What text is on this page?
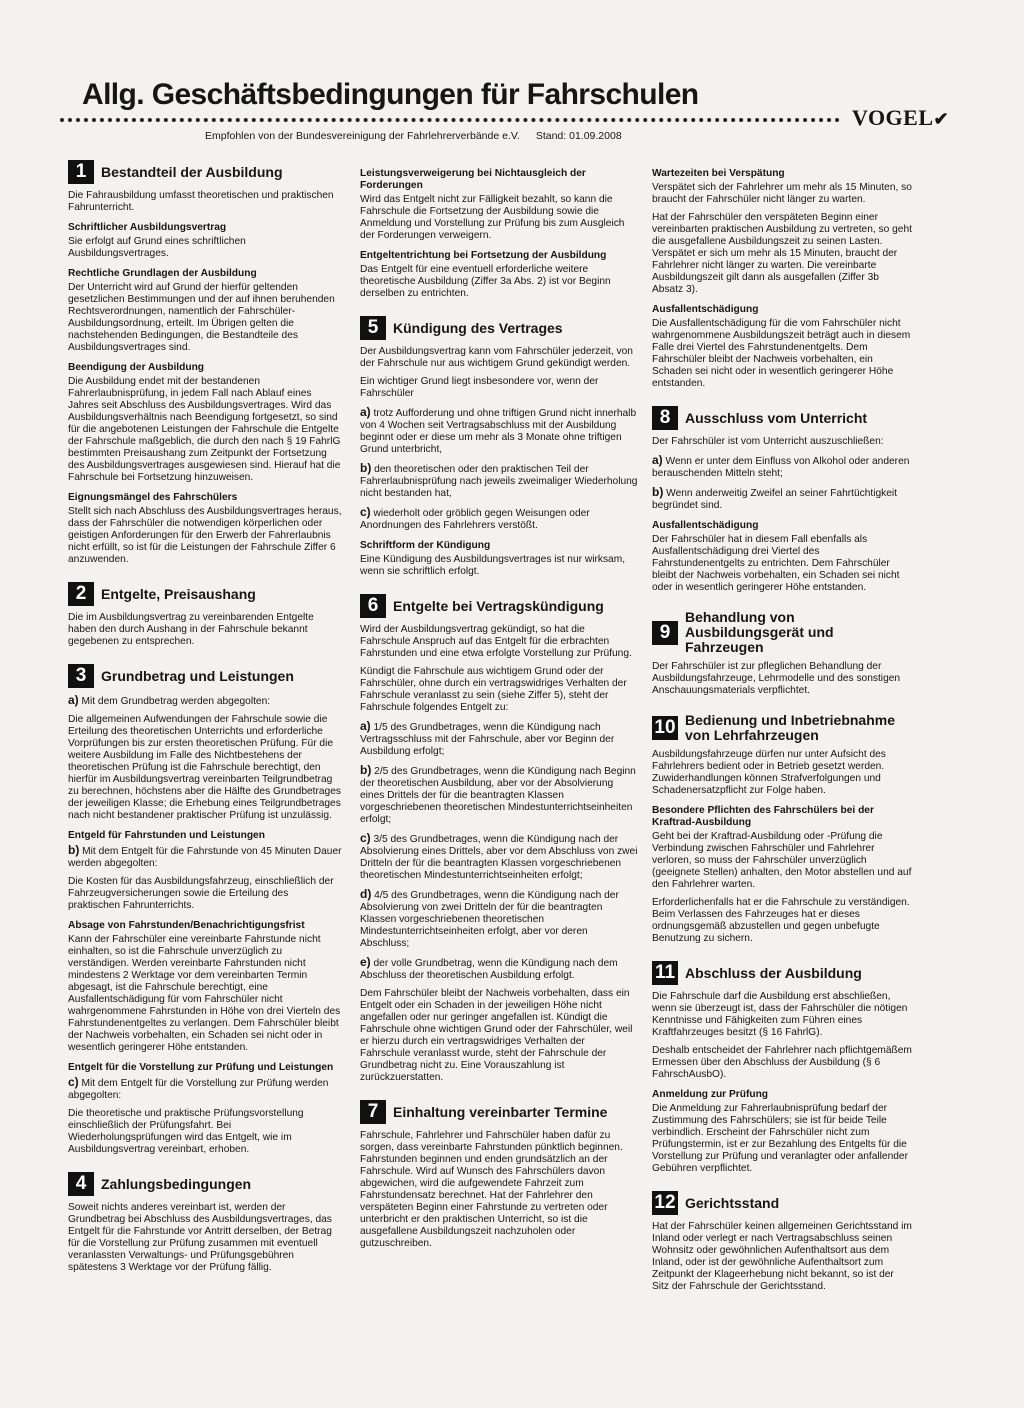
Allg. Geschäftsbedingungen für Fahrschulen
VOGEL✔
Empfohlen von der Bundesvereinigung der Fahrlehrerverbände e.V. Stand: 01.09.2008
1	Bestandteil der Ausbildung

Die Fahrausbildung umfasst theoretischen und praktischen Fahrunterricht.

Schriftlicher Ausbildungsvertrag

Sie erfolgt auf Grund eines schriftlichen Ausbildungsvertrages.

Rechtliche Grundlagen der Ausbildung

Der Unterricht wird auf Grund der hierfür geltenden gesetzlichen Bestimmungen und der auf ihnen beruhenden Rechtsverordnungen, namentlich der Fahrschüler-Ausbildungsordnung, erteilt. Im Übrigen gelten die nachstehenden Bedingungen, die Bestandteile des Ausbildungsvertrages sind.

Beendigung der Ausbildung

Die Ausbildung endet mit der bestandenen Fahrerlaubnisprüfung, in jedem Fall nach Ablauf eines Jahres seit Abschluss des Ausbildungsvertrages. Wird das Ausbildungsverhältnis nach Beendigung fortgesetzt, so sind für die angebotenen Leistungen der Fahrschule die Entgelte der Fahrschule maßgeblich, die durch den nach § 19 FahrlG bestimmten Preisaushang zum Zeitpunkt der Fortsetzung des Ausbildungsvertrages ausgewiesen sind. Hierauf hat die Fahrschule bei Fortsetzung hinzuweisen.

Eignungsmängel des Fahrschülers

Stellt sich nach Abschluss des Ausbildungsvertrages heraus, dass der Fahrschüler die notwendigen körperlichen oder geistigen Anforderungen für den Erwerb der Fahrerlaubnis nicht erfüllt, so ist für die Leistungen der Fahrschule Ziffer 6 anzuwenden.

2	Entgelte, Preisaushang

Die im Ausbildungsvertrag zu vereinbarenden Entgelte haben den durch Aushang in der Fahrschule bekannt gegebenen zu entsprechen.

3	Grundbetrag und Leistungen

a) Mit dem Grundbetrag werden abgegolten:

Die allgemeinen Aufwendungen der Fahrschule sowie die Erteilung des theoretischen Unterrichts und erforderliche Vorprüfungen bis zur ersten theoretischen Prüfung. Für die weitere Ausbildung im Falle des Nichtbestehens der theoretischen Prüfung ist die Fahrschule berechtigt, den hierfür im Ausbildungsvertrag vereinbarten Teilgrundbetrag zu berechnen, höchstens aber die Hälfte des Grundbetrages der jeweiligen Klasse; die Erhebung eines Teilgrundbetrages nach nicht bestandener praktischer Prüfung ist unzulässig.

Entgeld für Fahrstunden und Leistungen

b) Mit dem Entgelt für die Fahrstunde von 45 Minuten Dauer werden abgegolten:

Die Kosten für das Ausbildungsfahrzeug, einschließlich der Fahrzeugversicherungen sowie die Erteilung des praktischen Fahrunterrichts.

Absage von Fahrstunden/Benachrichtigungsfrist

Kann der Fahrschüler eine vereinbarte Fahrstunde nicht einhalten, so ist die Fahrschule unverzüglich zu verständigen. Werden vereinbarte Fahrstunden nicht mindestens 2 Werktage vor dem vereinbarten Termin abgesagt, ist die Fahrschule berechtigt, eine Ausfallentschädigung für vom Fahrschüler nicht wahrgenommene Fahrstunden in Höhe von drei Vierteln des Fahrstundenentgeltes zu verlangen. Dem Fahrschüler bleibt der Nachweis vorbehalten, ein Schaden sei nicht oder in wesentlich geringerer Höhe entstanden.

Entgelt für die Vorstellung zur Prüfung und Leistungen

c) Mit dem Entgelt für die Vorstellung zur Prüfung werden abgegolten:

Die theoretische und praktische Prüfungsvorstellung einschließlich der Prüfungsfahrt. Bei Wiederholungsprüfungen wird das Entgelt, wie im Ausbildungsvertrag vereinbart, erhoben.

4	Zahlungsbedingungen

Soweit nichts anderes vereinbart ist, werden der Grundbetrag bei Abschluss des Ausbildungsvertrages, das Entgelt für die Fahrstunde vor Antritt derselben, der Betrag für die Vorstellung zur Prüfung zusammen mit eventuell veranlassten Verwaltungs- und Prüfungsgebühren spätestens 3 Werktage vor der Prüfung fällig.

Leistungsverweigerung bei Nichtausgleich der Forderungen

Wird das Entgelt nicht zur Fälligkeit bezahlt, so kann die Fahrschule die Fortsetzung der Ausbildung sowie die Anmeldung und Vorstellung zur Prüfung bis zum Ausgleich der Forderungen verweigern.

Entgeltentrichtung bei Fortsetzung der Ausbildung

Das Entgelt für eine eventuell erforderliche weitere theoretische Ausbildung (Ziffer 3a Abs. 2) ist vor Beginn derselben zu entrichten.

5	Kündigung des Vertrages

Der Ausbildungsvertrag kann vom Fahrschüler jederzeit, von der Fahrschule nur aus wichtigem Grund gekündigt werden.

Ein wichtiger Grund liegt insbesondere vor, wenn der Fahrschüler

a) trotz Aufforderung und ohne triftigen Grund nicht innerhalb von 4 Wochen seit Vertragsabschluss mit der Ausbildung beginnt oder er diese um mehr als 3 Monate ohne triftigen Grund unterbricht,

b) den theoretischen oder den praktischen Teil der Fahrerlaubnisprüfung nach jeweils zweimaliger Wiederholung nicht bestanden hat,

c) wiederholt oder gröblich gegen Weisungen oder Anordnungen des Fahrlehrers verstößt.

Schriftform der Kündigung

Eine Kündigung des Ausbildungsvertrages ist nur wirksam, wenn sie schriftlich erfolgt.

6	Entgelte bei Vertragskündigung

Wird der Ausbildungsvertrag gekündigt, so hat die Fahrschule Anspruch auf das Entgelt für die erbrachten Fahrstunden und eine etwa erfolgte Vorstellung zur Prüfung.

Kündigt die Fahrschule aus wichtigem Grund oder der Fahrschüler, ohne durch ein vertragswidriges Verhalten der Fahrschule veranlasst zu sein (siehe Ziffer 5), steht der Fahrschule folgendes Entgelt zu:

a) 1/5 des Grundbetrages, wenn die Kündigung nach Vertragsschluss mit der Fahrschule, aber vor Beginn der Ausbildung erfolgt;

b) 2/5 des Grundbetrages, wenn die Kündigung nach Beginn der theoretischen Ausbildung, aber vor der Absolvierung eines Drittels der für die beantragten Klassen vorgeschriebenen theoretischen Mindestunterrichtseinheiten erfolgt;

c) 3/5 des Grundbetrages, wenn die Kündigung nach der Absolvierung eines Drittels, aber vor dem Abschluss von zwei Dritteln der für die beantragten Klassen vorgeschriebenen theoretischen Mindestunterrichtseinheiten erfolgt;

d) 4/5 des Grundbetrages, wenn die Kündigung nach der Absolvierung von zwei Dritteln der für die beantragten Klassen vorgeschriebenen theoretischen Mindestunterrichtseinheiten erfolgt, aber vor deren Abschluss;

e) der volle Grundbetrag, wenn die Kündigung nach dem Abschluss der theoretischen Ausbildung erfolgt.

Dem Fahrschüler bleibt der Nachweis vorbehalten, dass ein Entgelt oder ein Schaden in der jeweiligen Höhe nicht angefallen oder nur geringer angefallen ist. Kündigt die Fahrschule ohne wichtigen Grund oder der Fahrschüler, weil er hierzu durch ein vertragswidriges Verhalten der Fahrschule veranlasst wurde, steht der Fahrschule der Grundbetrag nicht zu. Eine Vorauszahlung ist zurückzuerstatten.

7	Einhaltung vereinbarter Termine

Fahrschule, Fahrlehrer und Fahrschüler haben dafür zu sorgen, dass vereinbarte Fahrstunden pünktlich beginnen. Fahrstunden beginnen und enden grundsätzlich an der Fahrschule. Wird auf Wunsch des Fahrschülers davon abgewichen, wird die aufgewendete Fahrzeit zum Fahrstundensatz berechnet. Hat der Fahrlehrer den verspäteten Beginn einer Fahrstunde zu vertreten oder unterbricht er den praktischen Unterricht, so ist die ausgefallene Ausbildungszeit nachzuholen oder gutzuschreiben.

Wartezeiten bei Verspätung

Verspätet sich der Fahrlehrer um mehr als 15 Minuten, so braucht der Fahrschüler nicht länger zu warten.

Hat der Fahrschüler den verspäteten Beginn einer vereinbarten praktischen Ausbildung zu vertreten, so geht die ausgefallene Ausbildungszeit zu seinen Lasten. Verspätet er sich um mehr als 15 Minuten, braucht der Fahrlehrer nicht länger zu warten. Die vereinbarte Ausbildungszeit gilt dann als ausgefallen (Ziffer 3b Absatz 3).

Ausfallentschädigung

Die Ausfallentschädigung für die vom Fahrschüler nicht wahrgenommene Ausbildungszeit beträgt auch in diesem Falle drei Viertel des Fahrstundenentgelts. Dem Fahrschüler bleibt der Nachweis vorbehalten, ein Schaden sei nicht oder in wesentlich geringerer Höhe entstanden.

8	Ausschluss vom Unterricht

Der Fahrschüler ist vom Unterricht auszuschließen:

a) Wenn er unter dem Einfluss von Alkohol oder anderen berauschenden Mitteln steht;

b) Wenn anderweitig Zweifel an seiner Fahrtüchtigkeit begründet sind.

Ausfallentschädigung

Der Fahrschüler hat in diesem Fall ebenfalls als Ausfallentschädigung drei Viertel des Fahrstundenentgelts zu entrichten. Dem Fahrschüler bleibt der Nachweis vorbehalten, ein Schaden sei nicht oder in wesentlich geringerer Höhe entstanden.

9
Behandlung von Ausbildungsgerät und Fahrzeugen

Der Fahrschüler ist zur pfleglichen Behandlung der Ausbildungsfahrzeuge, Lehrmodelle und des sonstigen Anschauungsmaterials verpflichtet.

10 Bedienung und Inbetriebnahme von Lehrfahrzeugen

Ausbildungsfahrzeuge dürfen nur unter Aufsicht des Fahrlehrers bedient oder in Betrieb gesetzt werden. Zuwiderhandlungen können Strafverfolgungen und Schadenersatzpflicht zur Folge haben.

Besondere Pflichten des Fahrschülers bei der Kraftrad-Ausbildung

Geht bei der Kraftrad-Ausbildung oder -Prüfung die Verbindung zwischen Fahrschüler und Fahrlehrer verloren, so muss der Fahrschüler unverzüglich (geeignete Stellen) anhalten, den Motor abstellen und auf den Fahrlehrer warten.

Erforderlichenfalls hat er die Fahrschule zu verständigen. Beim Verlassen des Fahrzeuges hat er dieses ordnungsgemäß abzustellen und gegen unbefugte Benutzung zu sichern.

11 Abschluss der Ausbildung

Die Fahrschule darf die Ausbildung erst abschließen, wenn sie überzeugt ist, dass der Fahrschüler die nötigen Kenntnisse und Fähigkeiten zum Führen eines Kraftfahrzeuges besitzt (§ 16 FahrlG).

Deshalb entscheidet der Fahrlehrer nach pflichtgemäßem Ermessen über den Abschluss der Ausbildung (§ 6 FahrschAusbO).

Anmeldung zur Prüfung

Die Anmeldung zur Fahrerlaubnisprüfung bedarf der Zustimmung des Fahrschülers; sie ist für beide Teile verbindlich. Erscheint der Fahrschüler nicht zum Prüfungstermin, ist er zur Bezahlung des Entgelts für die Vorstellung zur Prüfung und veranlagter oder anfallender Gebühren verpflichtet.

12 Gerichtsstand

Hat der Fahrschüler keinen allgemeinen Gerichtsstand im Inland oder verlegt er nach Vertragsabschluss seinen Wohnsitz oder gewöhnlichen Aufenthaltsort aus dem Inland, oder ist der gewöhnliche Aufenthaltsort zum Zeitpunkt der Klageerhebung nicht bekannt, so ist der Sitz der Fahrschule der Gerichtsstand.
